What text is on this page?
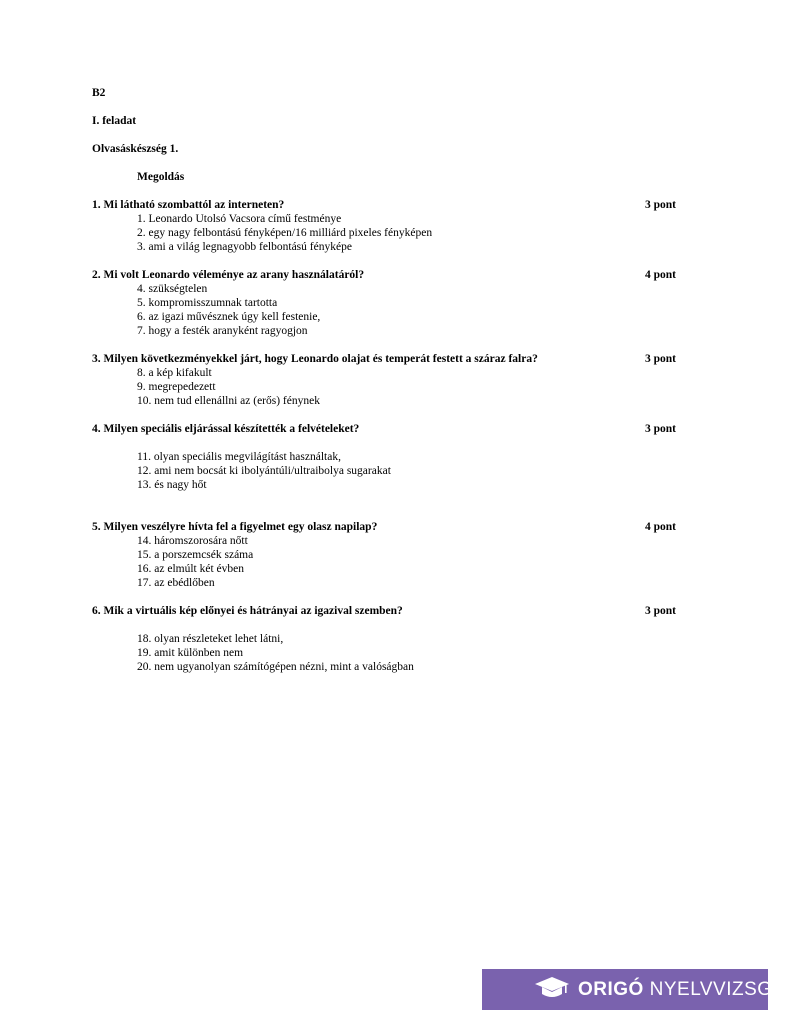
B2
I. feladat
Olvasáskészség 1.
Megoldás
1. Mi látható szombattól az interneten?	3 pont
1. Leonardo Utolsó Vacsora című festménye
2. egy nagy felbontású fényképen/16 milliárd pixeles fényképen
3. ami a világ legnagyobb felbontású fényképe
2. Mi volt Leonardo véleménye az arany használatáról?	4 pont
4. szükségtelen
5. kompromisszumnak tartotta
6. az igazi művésznek úgy kell festenie,
7. hogy a festék aranyként ragyogjon
3. Milyen következményekkel járt, hogy Leonardo olajat és temperát festett a száraz falra?	3 pont
8. a kép kifakult
9. megrepedezett
10. nem tud ellenállni az (erős) fénynek
4. Milyen speciális eljárással készítették a felvételeket?	3 pont
11. olyan speciális megvilágítást használtak,
12. ami nem bocsát ki ibolyántúli/ultraibolya sugarakat
13. és nagy hőt
5. Milyen veszélyre hívta fel a figyelmet egy olasz napilap?	4 pont
14. háromszorosára nőtt
15. a porszemcsék száma
16. az elmúlt két évben
17. az ebédlőben
6. Mik a virtuális kép előnyei és hátrányai az igazival szemben?	3 pont
18. olyan részleteket lehet látni,
19. amit különben nem
20. nem ugyanolyan számítógépen nézni, mint a valóságban
ORIGÓ NYELVVIZSGA
